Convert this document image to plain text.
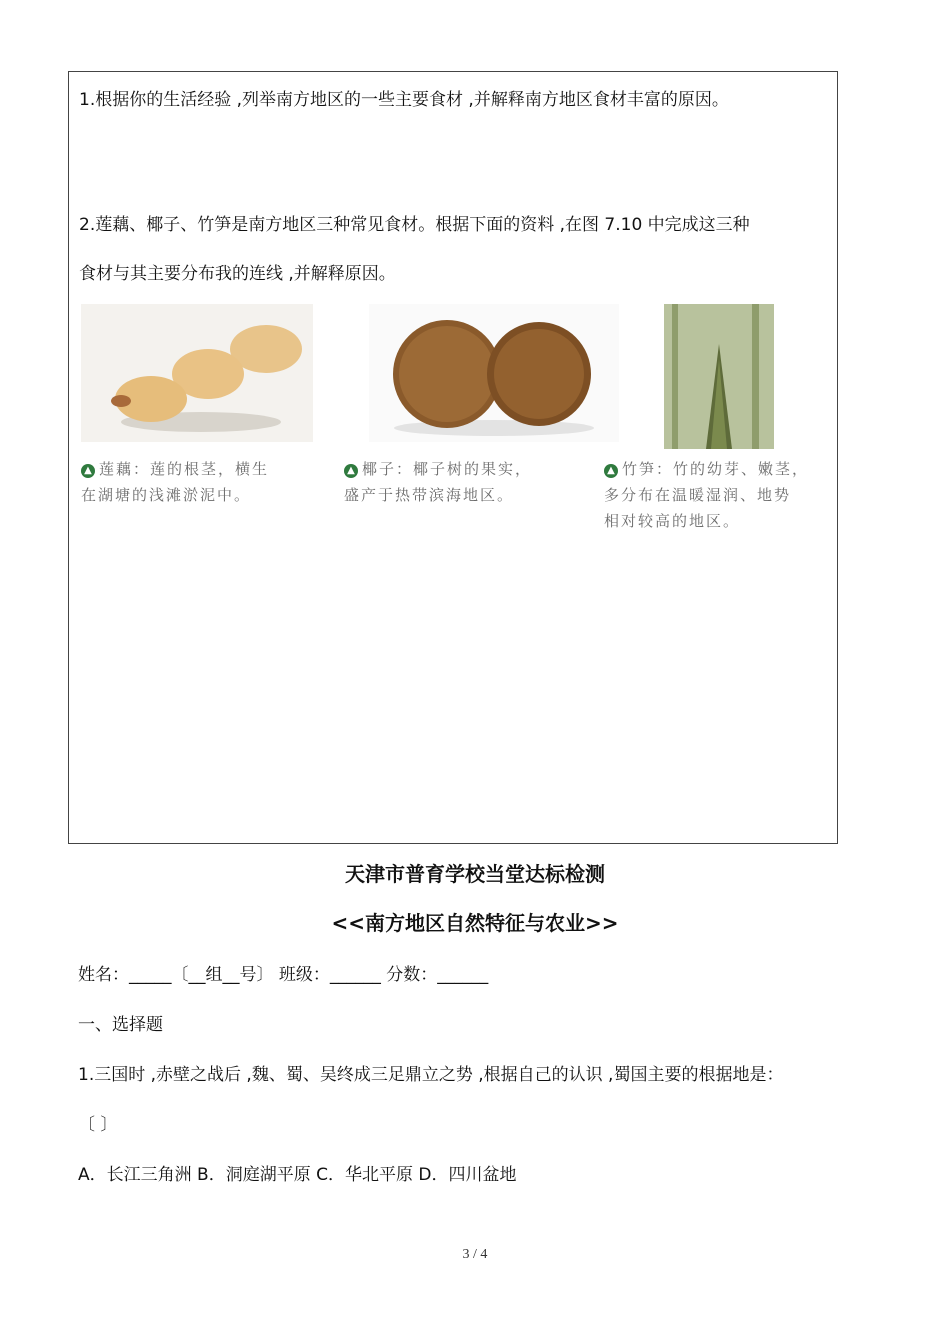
1.根据你的生活经验 ,列举南方地区的一些主要食材 ,并解释南方地区食材丰富的原因。
2.莲藕、椰子、竹笋是南方地区三种常见食材。根据下面的资料 ,在图 7.10 中完成这三种
食材与其主要分布我的连线 ,并解释原因。
▲ 莲藕：莲的根茎，横生
在湖塘的浅滩淤泥中。
▲ 椰子：椰子树的果实，
盛产于热带滨海地区。
▲ 竹笋：竹的幼芽、嫩茎，
多分布在温暖湿润、地势
相对较高的地区。
天津市普育学校当堂达标检测
<<南方地区自然特征与农业>>
姓名：_____〔__组__号〕 班级：______ 分数：______
一、选择题
1.三国时 ,赤壁之战后 ,魏、蜀、吴终成三足鼎立之势 ,根据自己的认识 ,蜀国主要的根据地是：
〔 〕
A．长江三角洲 B．洞庭湖平原 C．华北平原 D．四川盆地
3 / 4
